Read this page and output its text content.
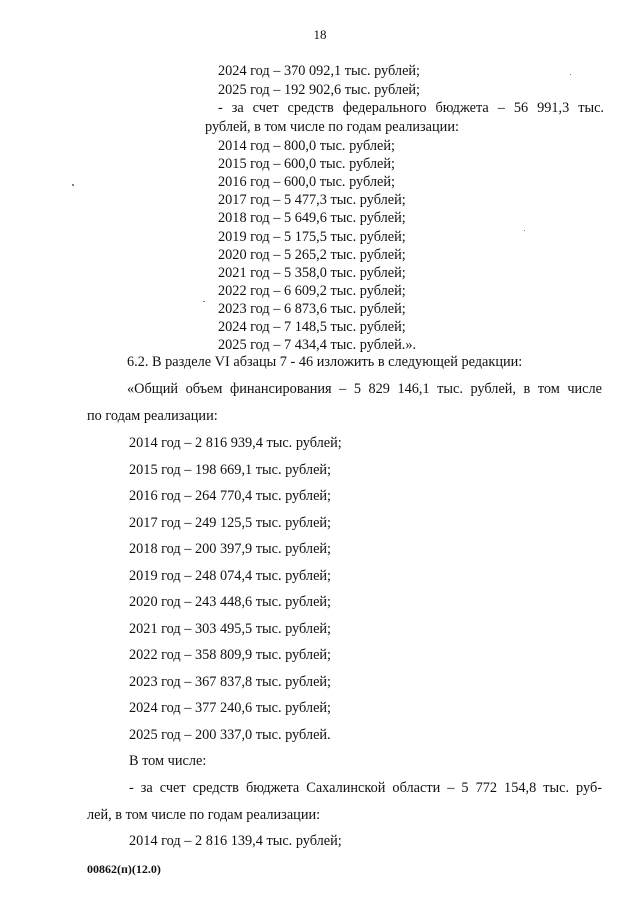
18
2024 год – 370 092,1 тыс. рублей;
2025 год – 192 902,6 тыс. рублей;
- за счет средств федерального бюджета – 56 991,3 тыс.
рублей, в том числе по годам реализации:
2014 год – 800,0 тыс. рублей;
2015 год – 600,0 тыс. рублей;
2016 год – 600,0 тыс. рублей;
2017 год – 5 477,3 тыс. рублей;
2018 год – 5 649,6 тыс. рублей;
2019 год – 5 175,5 тыс. рублей;
2020 год – 5 265,2 тыс. рублей;
2021 год – 5 358,0 тыс. рублей;
2022 год – 6 609,2 тыс. рублей;
2023 год – 6 873,6 тыс. рублей;
2024 год – 7 148,5 тыс. рублей;
2025 год – 7 434,4 тыс. рублей.».
6.2. В разделе VI абзацы 7 - 46 изложить в следующей редакции:
«Общий объем финансирования – 5 829 146,1 тыс. рублей, в том числе
по годам реализации:
2014 год – 2 816 939,4 тыс. рублей;
2015 год – 198 669,1 тыс. рублей;
2016 год – 264 770,4 тыс. рублей;
2017 год – 249 125,5 тыс. рублей;
2018 год – 200 397,9 тыс. рублей;
2019 год – 248 074,4 тыс. рублей;
2020 год – 243 448,6 тыс. рублей;
2021 год – 303 495,5 тыс. рублей;
2022 год – 358 809,9 тыс. рублей;
2023 год – 367 837,8 тыс. рублей;
2024 год – 377 240,6 тыс. рублей;
2025 год – 200 337,0 тыс. рублей.
В том числе:
- за счет средств бюджета Сахалинской области – 5 772 154,8 тыс. руб-
лей, в том числе по годам реализации:
2014 год – 2 816 139,4 тыс. рублей;
00862(п)(12.0)
